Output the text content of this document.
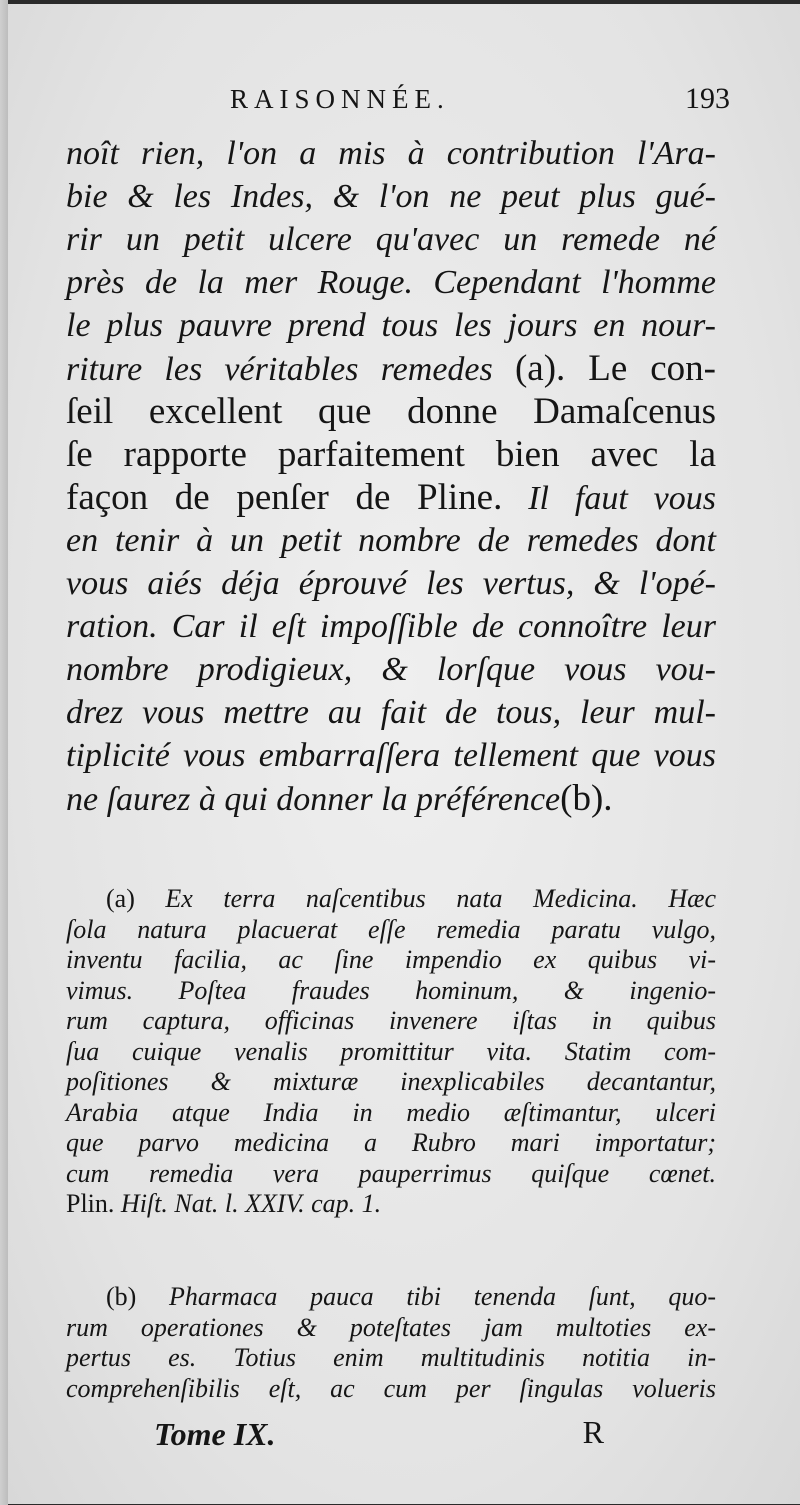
RAISONNÉE.	193
noît rien, l'on a mis à contribution l'Ara-
bie & les Indes, & l'on ne peut plus gué-
rir un petit ulcere qu'avec un remede né
près de la mer Rouge. Cependant l'homme
le plus pauvre prend tous les jours en nour-
riture les véritables remedes (a). Le con-
ſeil excellent que donne Damaſcenus
ſe rapporte parfaitement bien avec la
façon de penſer de Pline. Il faut vous
en tenir à un petit nombre de remedes dont
vous aiés déja éprouvé les vertus, & l'opé-
ration. Car il eſt impoſſible de connoître leur
nombre prodigieux, & lorſque vous vou-
drez vous mettre au fait de tous, leur mul-
tiplicité vous embarraſſera tellement que vous
ne ſaurez à qui donner la préférence(b).
(a) Ex terra naſcentibus nata Medicina. Hæc
ſola natura placuerat eſſe remedia paratu vulgo,
inventu facilia, ac ſine impendio ex quibus vi-
vimus. Poſtea fraudes hominum, & ingenio-
rum captura, officinas invenere iſtas in quibus
ſua cuique venalis promittitur vita. Statim com-
poſitiones & mixturæ inexplicabiles decantantur,
Arabia atque India in medio æſtimantur, ulceri
que parvo medicina a Rubro mari importatur;
cum remedia vera pauperrimus quiſque cœnet.
Plin. Hiſt. Nat. l. XXIV. cap. 1.
(b) Pharmaca pauca tibi tenenda ſunt, quo-
rum operationes & poteſtates jam multoties ex-
pertus es. Totius enim multitudinis notitia in-
comprehenſibilis eſt, ac cum per ſingulas volueris
Tome IX.	R
